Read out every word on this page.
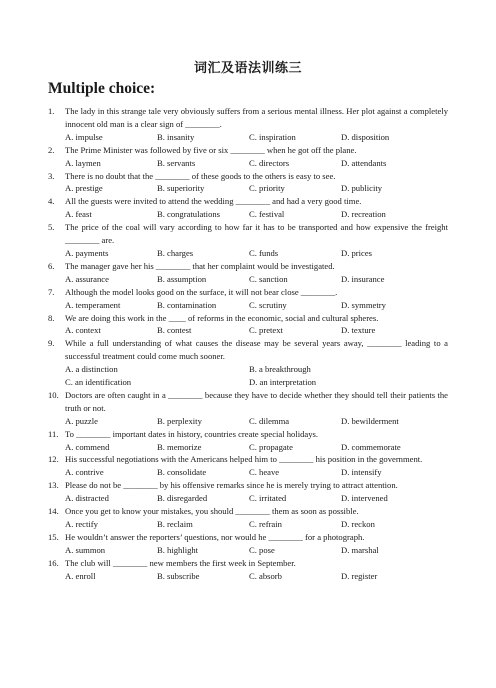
词汇及语法训练三
Multiple choice:
1. The lady in this strange tale very obviously suffers from a serious mental illness. Her plot against a completely innocent old man is a clear sign of ________.
A. impulse	B. insanity	C. inspiration	D. disposition
2. The Prime Minister was followed by five or six ________ when he got off the plane.
A. laymen	B. servants	C. directors	D. attendants
3. There is no doubt that the ________ of these goods to the others is easy to see.
A. prestige	B. superiority	C. priority	D. publicity
4. All the guests were invited to attend the wedding ________ and had a very good time.
A. feast	B. congratulations	C. festival	D. recreation
5. The price of the coal will vary according to how far it has to be transported and how expensive the freight ________ are.
A. payments	B. charges	C. funds	D. prices
6. The manager gave her his ________ that her complaint would be investigated.
A. assurance	B. assumption	C. sanction	D. insurance
7. Although the model looks good on the surface, it will not bear close ________.
A. temperament	B. contamination	C. scrutiny	D. symmetry
8. We are doing this work in the ____ of reforms in the economic, social and cultural spheres.
A. context	B. contest	C. pretext	D. texture
9. While a full understanding of what causes the disease may be several years away, ________ leading to a successful treatment could come much sooner.
A. a distinction	B. a breakthrough
C. an identification	D. an interpretation
10. Doctors are often caught in a ________ because they have to decide whether they should tell their patients the truth or not.
A. puzzle	B. perplexity	C. dilemma	D. bewilderment
11. To ________ important dates in history, countries create special holidays.
A. commend	B. memorize	C. propagate	D. commemorate
12. His successful negotiations with the Americans helped him to ________ his position in the government.
A. contrive	B. consolidate	C. heave	D. intensify
13. Please do not be ________ by his offensive remarks since he is merely trying to attract attention.
A. distracted	B. disregarded	C. irritated	D. intervened
14. Once you get to know your mistakes, you should ________ them as soon as possible.
A. rectify	B. reclaim	C. refrain	D. reckon
15. He wouldn’t answer the reporters’ questions, nor would he ________ for a photograph.
A. summon	B. highlight	C. pose	D. marshal
16. The club will ________ new members the first week in September.
A. enroll	B. subscribe	C. absorb	D. register
